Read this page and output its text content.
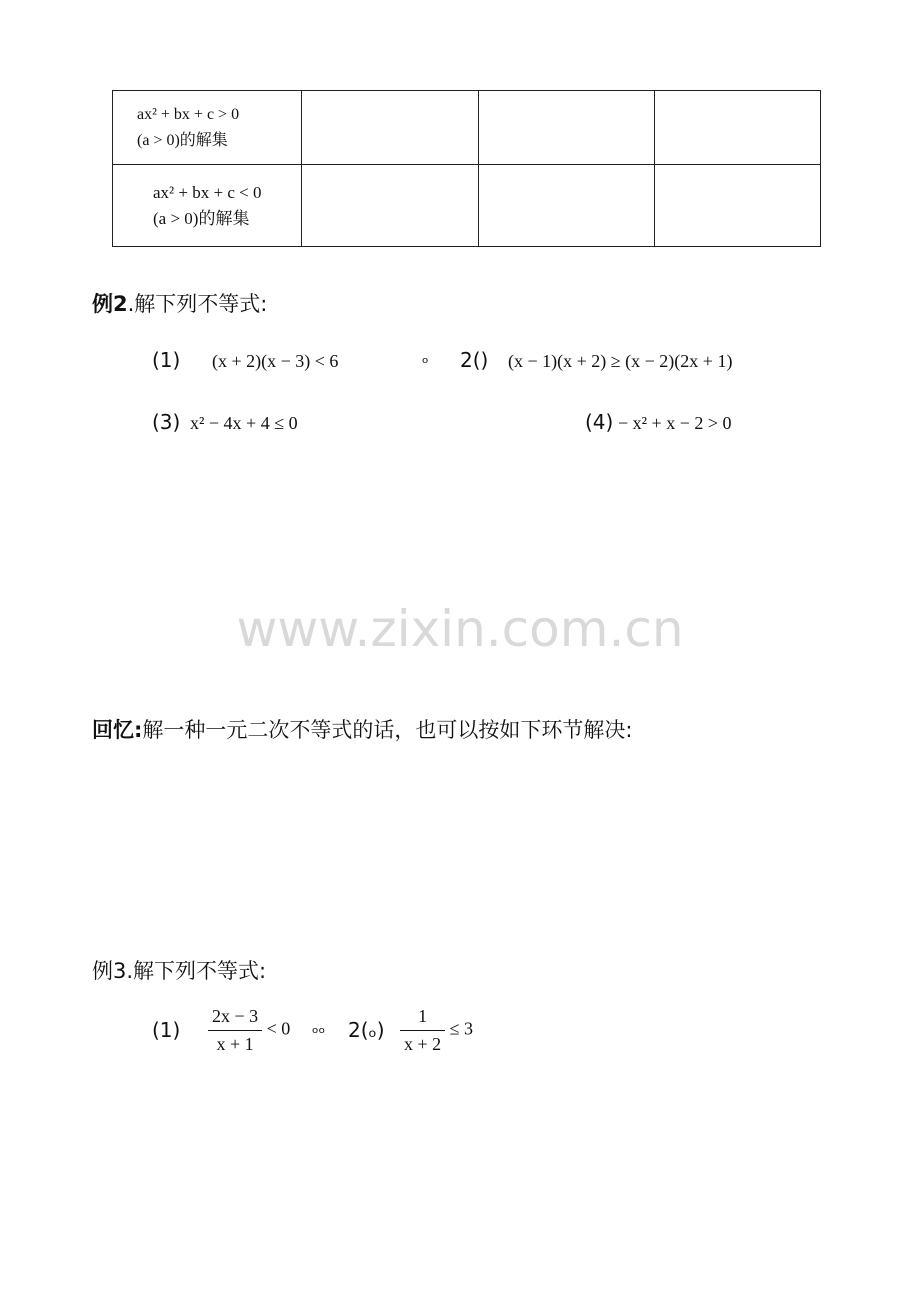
ax² + bx + c > 0
(a > 0)的解集			

ax² + bx + c < 0
(a > 0)的解集			

例2.解下列不等式:
(1) (x + 2)(x − 3) < 6	ₒ 2() (x − 1)(x + 2) ≥ (x − 2)(2x + 1)
(3) x² − 4x + 4 ≤ 0	(4) − x² + x − 2 > 0
www.zixin.com.cn
回忆:解一种一元二次不等式的话，也可以按如下环节解决:
例3.解下列不等式:
$(1) \frac{2x - 3}{x + 1} < 0$ ₒₒ $2(_o) \frac{1}{x + 2} \le 3$
